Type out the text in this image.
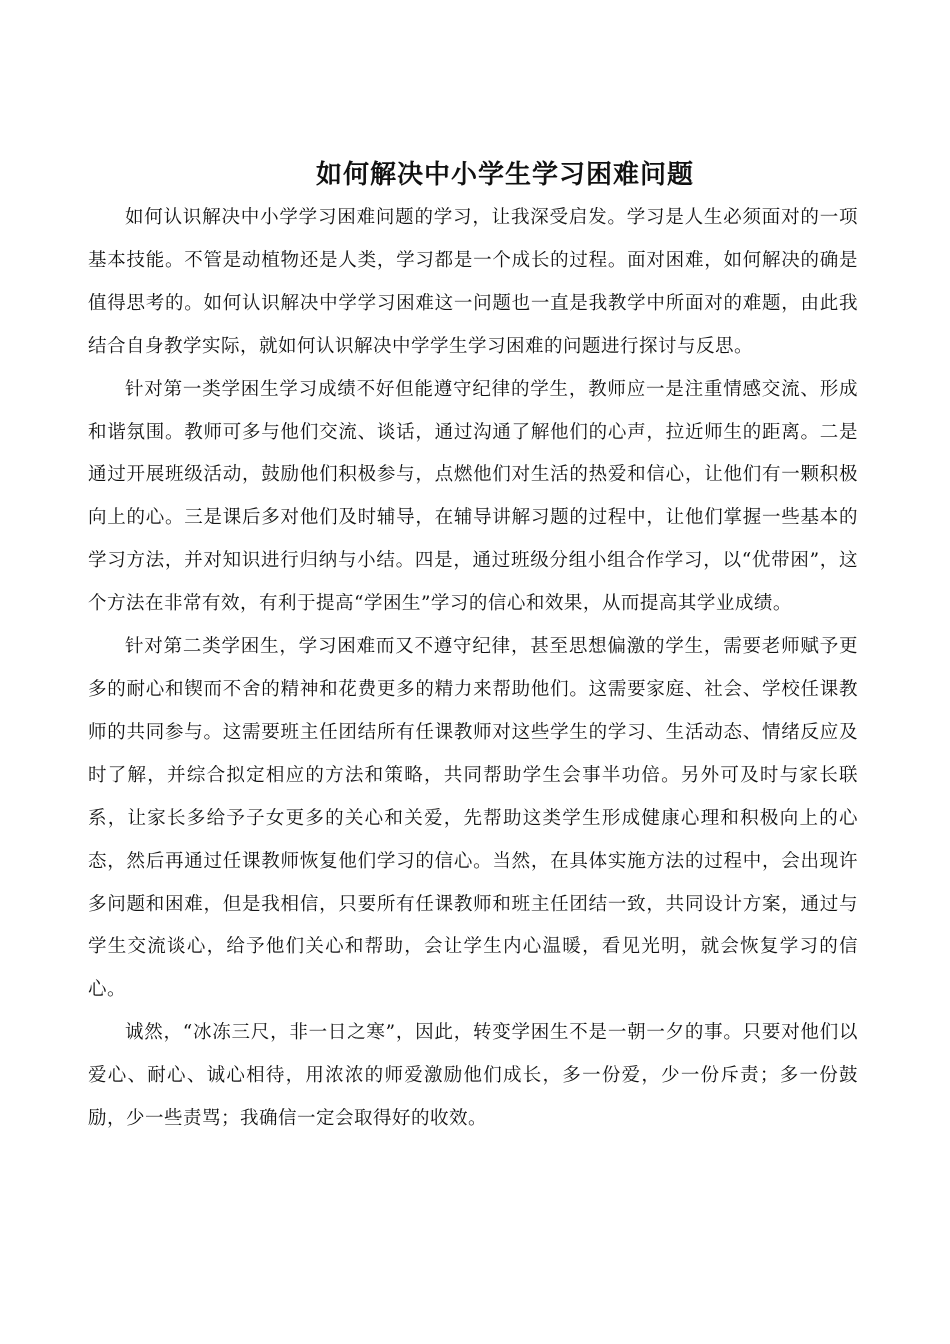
如何解决中小学生学习困难问题

如何认识解决中小学学习困难问题的学习，让我深受启发。学习是人生必须面对的一项基本技能。不管是动植物还是人类，学习都是一个成长的过程。面对困难，如何解决的确是值得思考的。如何认识解决中学学习困难这一问题也一直是我教学中所面对的难题，由此我结合自身教学实际，就如何认识解决中学学生学习困难的问题进行探讨与反思。

针对第一类学困生学习成绩不好但能遵守纪律的学生，教师应一是注重情感交流、形成和谐氛围。教师可多与他们交流、谈话，通过沟通了解他们的心声，拉近师生的距离。二是通过开展班级活动，鼓励他们积极参与，点燃他们对生活的热爱和信心，让他们有一颗积极向上的心。三是课后多对他们及时辅导，在辅导讲解习题的过程中，让他们掌握一些基本的学习方法，并对知识进行归纳与小结。四是，通过班级分组小组合作学习，以“优带困”，这个方法在非常有效，有利于提高“学困生”学习的信心和效果，从而提高其学业成绩。

针对第二类学困生，学习困难而又不遵守纪律，甚至思想偏激的学生，需要老师赋予更多的耐心和锲而不舍的精神和花费更多的精力来帮助他们。这需要家庭、社会、学校任课教师的共同参与。这需要班主任团结所有任课教师对这些学生的学习、生活动态、情绪反应及时了解，并综合拟定相应的方法和策略，共同帮助学生会事半功倍。另外可及时与家长联系，让家长多给予子女更多的关心和关爱，先帮助这类学生形成健康心理和积极向上的心态，然后再通过任课教师恢复他们学习的信心。当然，在具体实施方法的过程中，会出现许多问题和困难，但是我相信，只要所有任课教师和班主任团结一致，共同设计方案，通过与学生交流谈心，给予他们关心和帮助，会让学生内心温暖，看见光明，就会恢复学习的信心。

诚然，“冰冻三尺，非一日之寒”，因此，转变学困生不是一朝一夕的事。只要对他们以爱心、耐心、诚心相待，用浓浓的师爱激励他们成长，多一份爱，少一份斥责；多一份鼓励，少一些责骂；我确信一定会取得好的收效。
